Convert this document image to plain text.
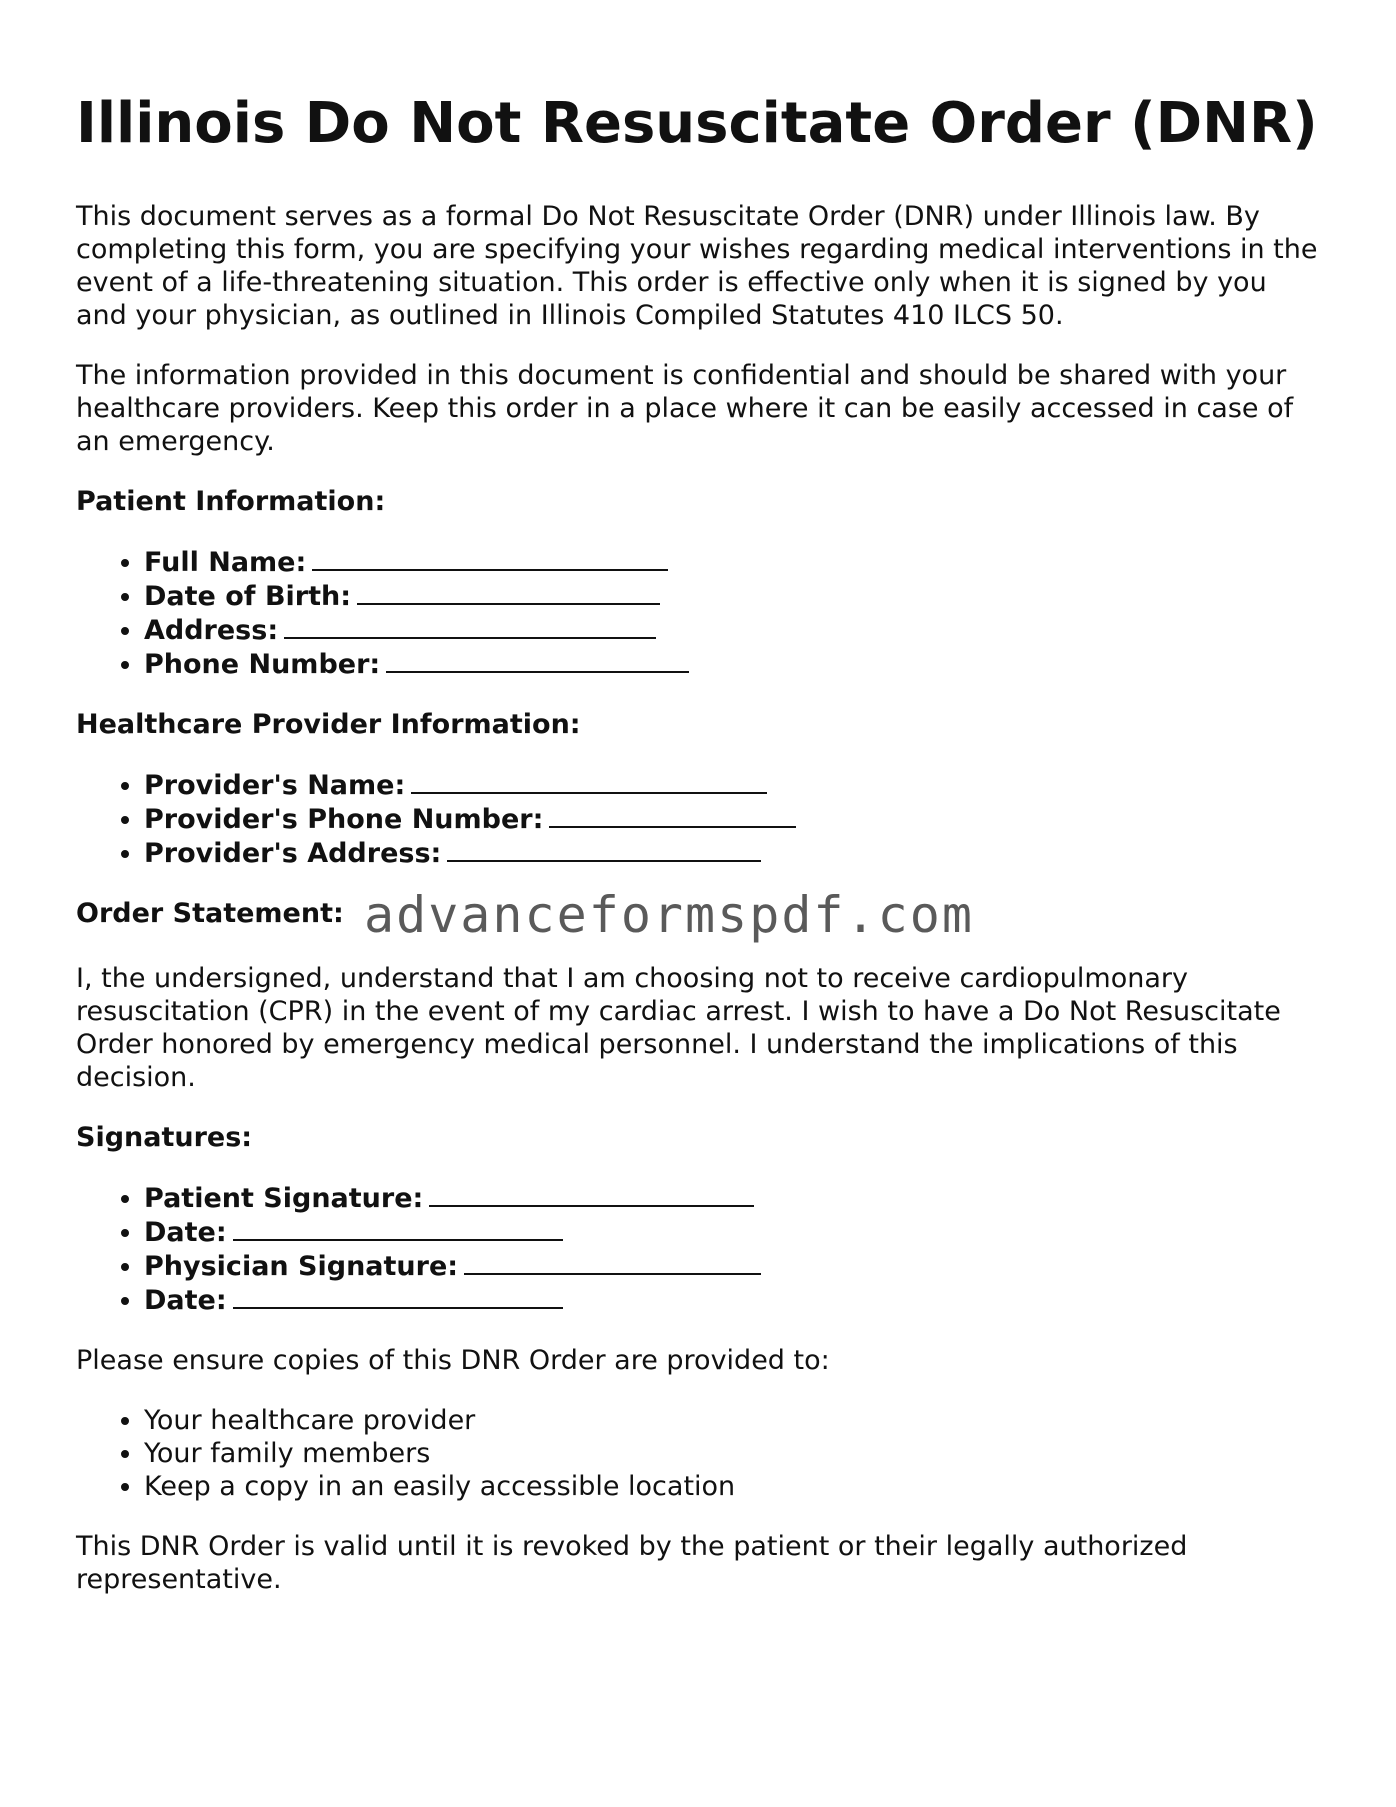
Illinois Do Not Resuscitate Order (DNR)

This document serves as a formal Do Not Resuscitate Order (DNR) under Illinois law. By completing this form, you are specifying your wishes regarding medical interventions in the event of a life-threatening situation. This order is effective only when it is signed by you and your physician, as outlined in Illinois Compiled Statutes 410 ILCS 50.

The information provided in this document is confidential and should be shared with your healthcare providers. Keep this order in a place where it can be easily accessed in case of an emergency.

Patient Information:
• Full Name:
• Date of Birth:
• Address:
• Phone Number:
Healthcare Provider Information:
• Provider's Name:
• Provider's Phone Number:
• Provider's Address:
Order Statement: advanceformspdf.com

I, the undersigned, understand that I am choosing not to receive cardiopulmonary resuscitation (CPR) in the event of my cardiac arrest. I wish to have a Do Not Resuscitate Order honored by emergency medical personnel. I understand the implications of this decision.

Signatures:
• Patient Signature:
• Date:
• Physician Signature:
• Date:

Please ensure copies of this DNR Order are provided to:

• Your healthcare provider
• Your family members
• Keep a copy in an easily accessible location

This DNR Order is valid until it is revoked by the patient or their legally authorized representative.
